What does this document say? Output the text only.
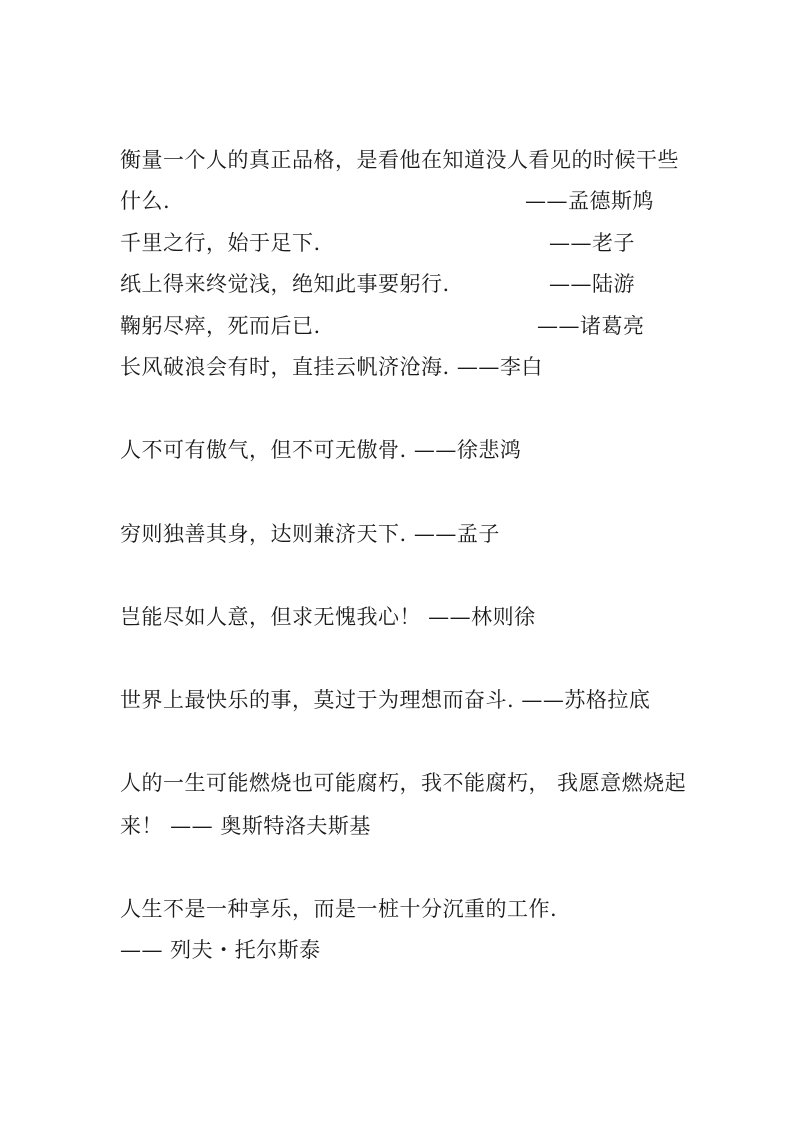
衡量一个人的真正品格，是看他在知道没人看见的时候干些
什么.	——孟德斯鸠
千里之行，始于足下.	——老子
纸上得来终觉浅，绝知此事要躬行.	——陆游
鞠躬尽瘁，死而后已.	——诸葛亮
长风破浪会有时，直挂云帆济沧海. ——李白
人不可有傲气，但不可无傲骨. ——徐悲鸿
穷则独善其身，达则兼济天下. ——孟子
岂能尽如人意，但求无愧我心！ ——林则徐
世界上最快乐的事，莫过于为理想而奋斗. ——苏格拉底
人的一生可能燃烧也可能腐朽，我不能腐朽， 我愿意燃烧起
来！ —— 奥斯特洛夫斯基
人生不是一种享乐，而是一桩十分沉重的工作.
—— 列夫・托尔斯泰
